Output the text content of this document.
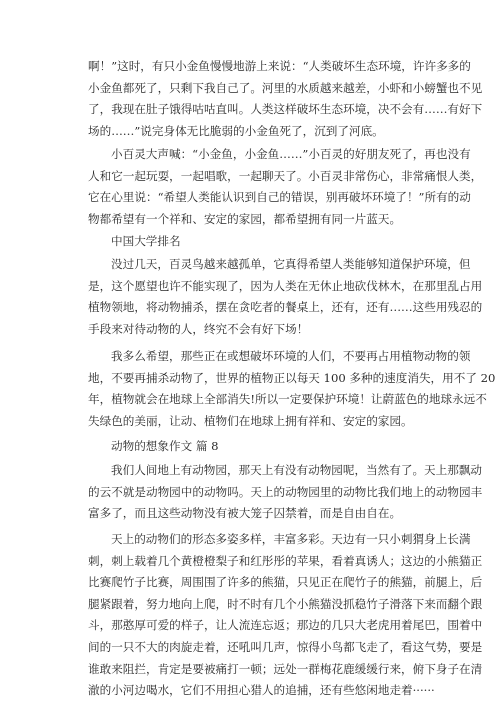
啊！”这时，有只小金鱼慢慢地游上来说：“人类破坏生态环境，许许多多的
小金鱼都死了，只剩下我自己了。河里的水质越来越差，小虾和小螃蟹也不见
了，我现在肚子饿得咕咕直叫。人类这样破坏生态环境，决不会有……有好下
场的……”说完身体无比脆弱的小金鱼死了，沉到了河底。
小百灵大声喊：“小金鱼，小金鱼……”小百灵的好朋友死了，再也没有
人和它一起玩耍，一起唱歌，一起聊天了。小百灵非常伤心，非常痛恨人类，
它在心里说：“希望人类能认识到自己的错误，别再破坏环境了！”所有的动
物都希望有一个祥和、安定的家园，都希望拥有同一片蓝天。
中国大学排名
没过几天，百灵鸟越来越孤单，它真得希望人类能够知道保护环境，但
是，这个愿望也许不能实现了，因为人类在无休止地砍伐林木，在那里乱占用
植物领地，将动物捕杀，摆在贪吃者的餐桌上，还有，还有……这些用残忍的
手段来对待动物的人，终究不会有好下场！
我多么希望，那些正在或想破坏环境的人们，不要再占用植物动物的领
地，不要再捕杀动物了，世界的植物正以每天 100 多种的速度消失，用不了 20
年，植物就会在地球上全部消失!所以一定要保护环境！让蔚蓝色的地球永远不
失绿色的美丽，让动、植物们在地球上拥有祥和、安定的家园。
动物的想象作文 篇 8
我们人间地上有动物园，那天上有没有动物园呢，当然有了。天上那飘动
的云不就是动物园中的动物吗。天上的动物园里的动物比我们地上的动物园丰
富多了，而且这些动物没有被大笼子囚禁着，而是自由自在。
天上的动物们的形态多姿多样，丰富多彩。天边有一只小刺猬身上长满
刺，刺上载着几个黄橙橙梨子和红彤彤的苹果，看着真诱人；这边的小熊猫正
比赛爬竹子比赛，周围围了许多的熊猫，只见正在爬竹子的熊猫，前腿上，后
腿紧跟着，努力地向上爬，时不时有几个小熊猫没抓稳竹子滑落下来而翻个跟
斗，那憨厚可爱的样子，让人流连忘返；那边的几只大老虎用着尾巴，围着中
间的一只不大的肉旋走着，还吼叫几声，惊得小鸟都飞走了，看这气势，要是
谁敢来阻拦，肯定是要被痛打一顿；远处一群梅花鹿缓缓行来，俯下身子在清
澈的小河边喝水，它们不用担心猎人的追捕，还有些悠闲地走着······
